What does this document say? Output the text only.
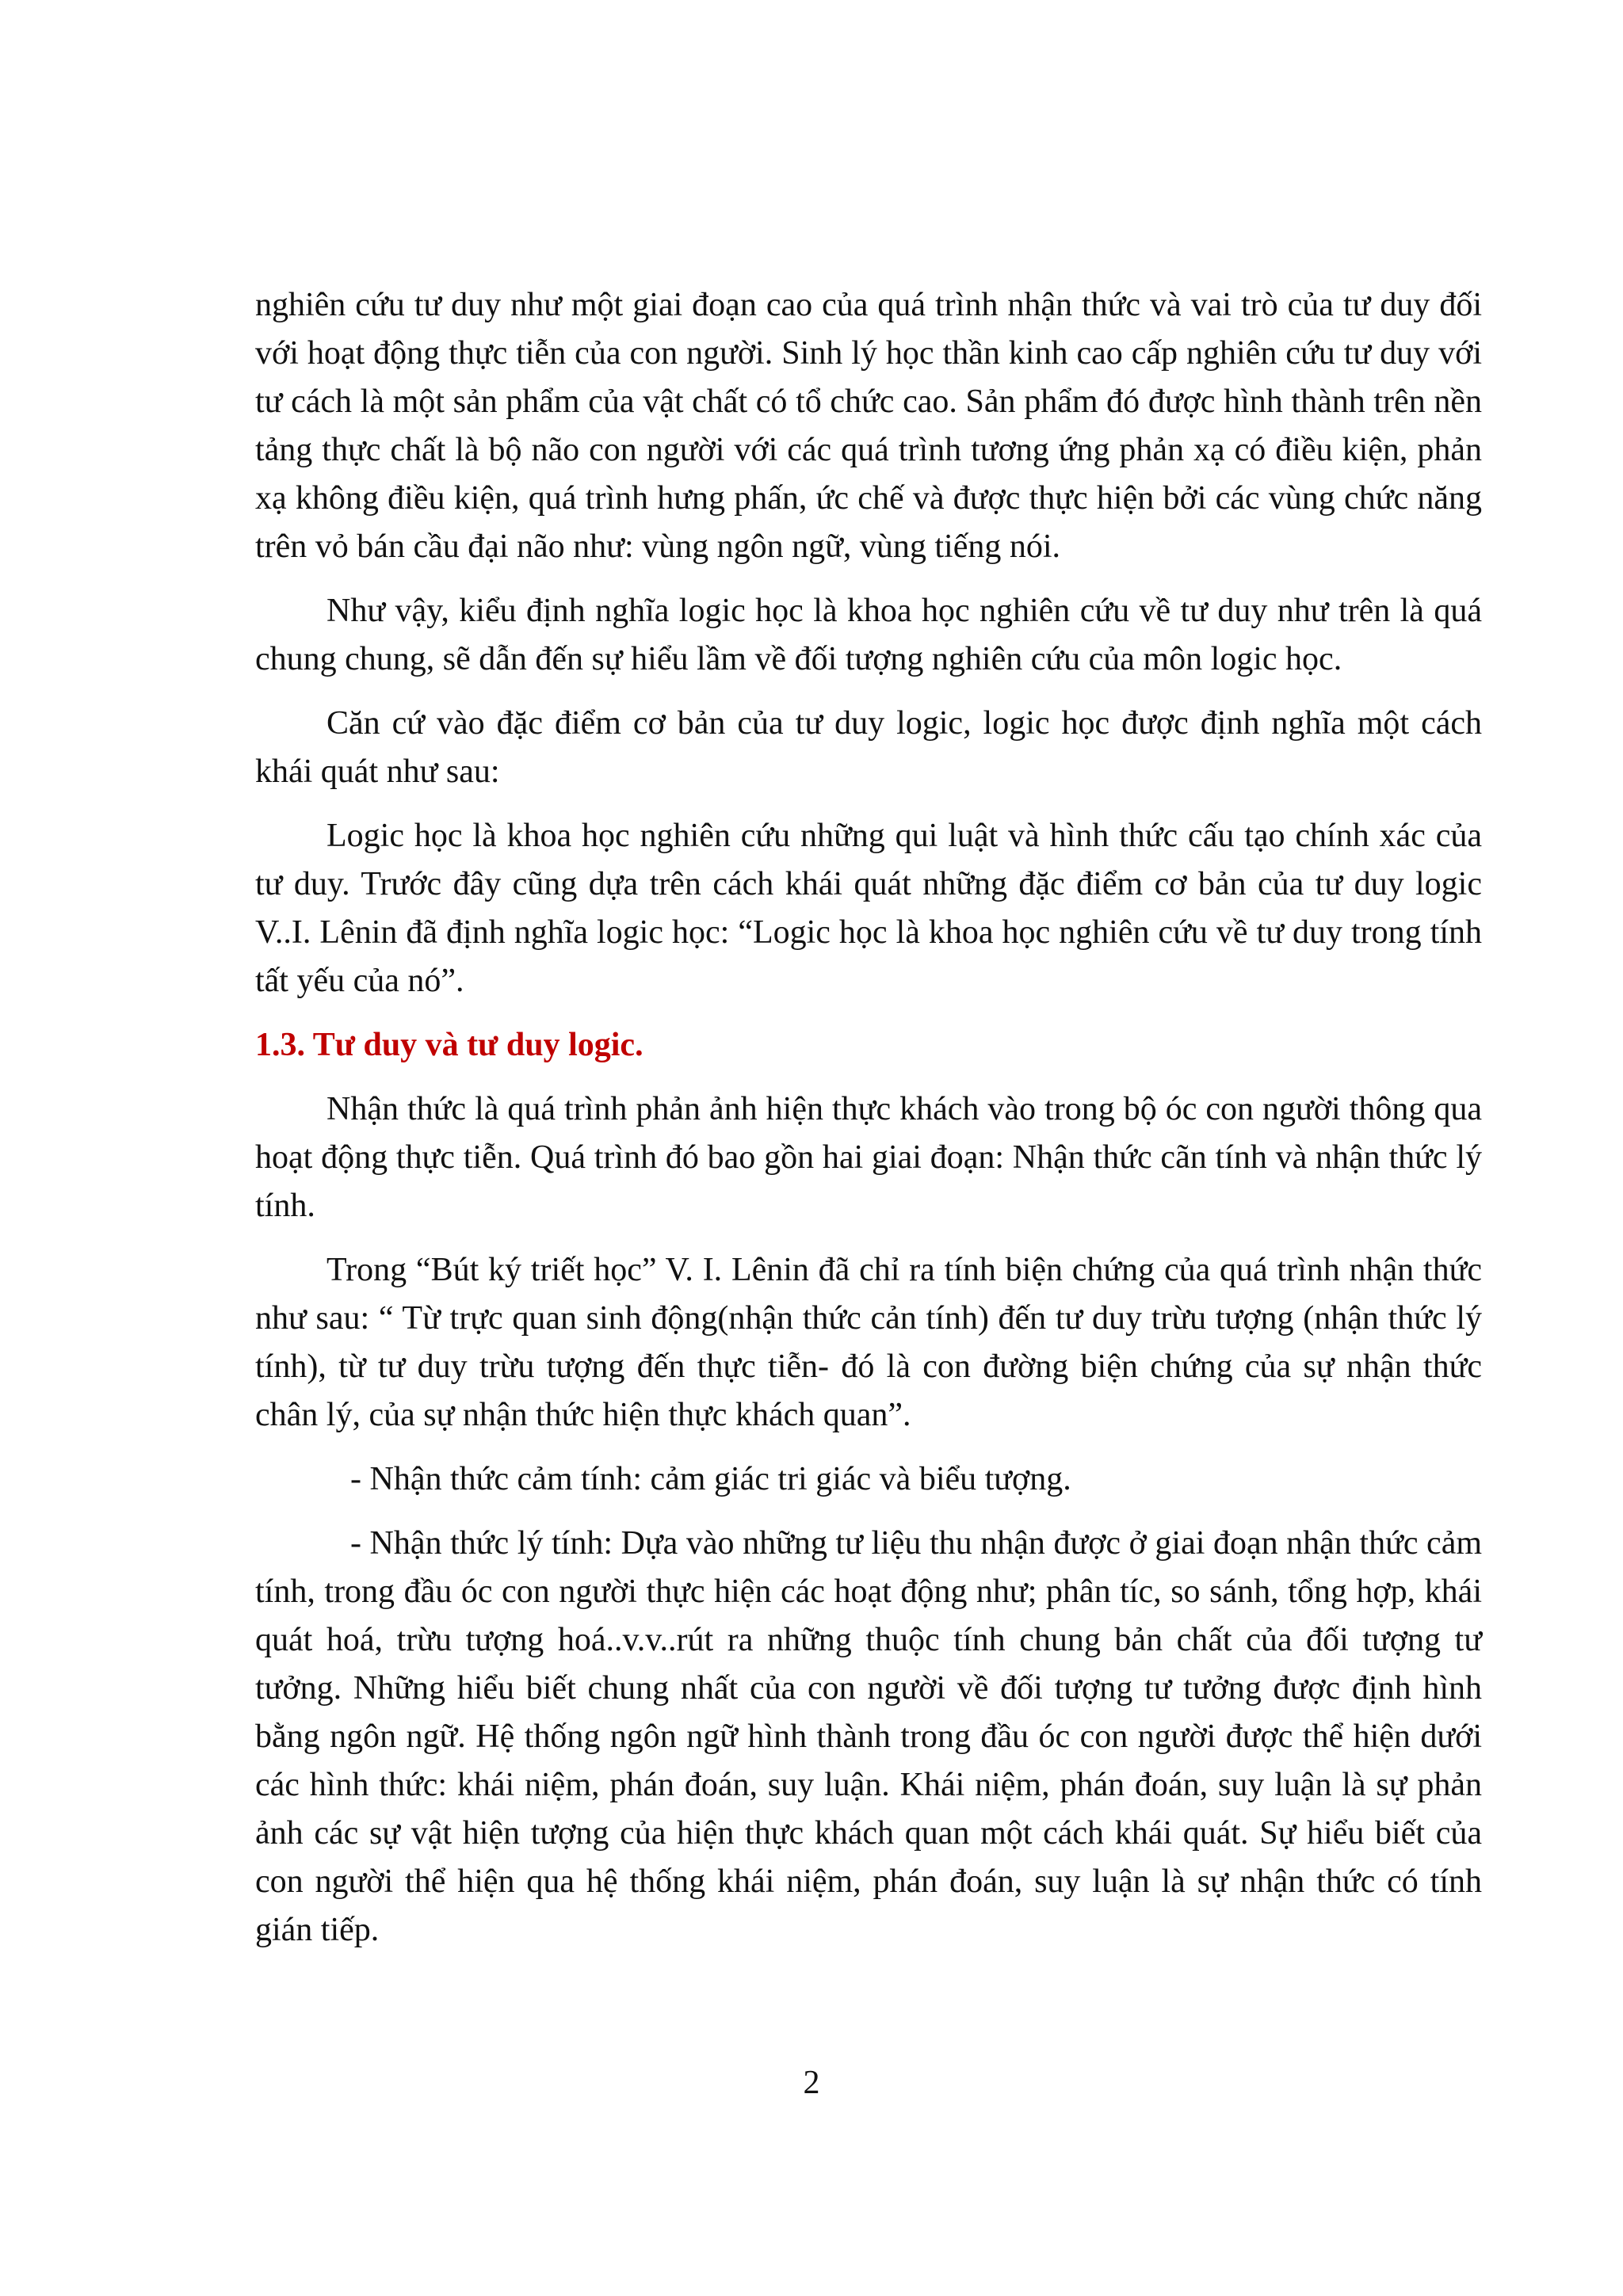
nghiên cứu tư duy như một giai đoạn cao của quá trình nhận thức và vai trò của tư duy đối với hoạt động thực tiễn của con người. Sinh lý học thần kinh cao cấp nghiên cứu tư duy với tư cách là một sản phẩm của vật chất có tổ chức cao. Sản phẩm đó được hình thành trên nền tảng thực chất là bộ não con người với các quá trình tương ứng phản xạ có điều kiện, phản xạ không điều kiện, quá trình hưng phấn, ức chế và được thực hiện bởi các vùng chức năng trên vỏ bán cầu đại não như: vùng ngôn ngữ, vùng tiếng nói.

Như vậy, kiểu định nghĩa logic học là khoa học nghiên cứu về tư duy như trên là quá chung chung, sẽ dẫn đến sự hiểu lầm về đối tượng nghiên cứu của môn logic học.

Căn cứ vào đặc điểm cơ bản của tư duy logic, logic học được định nghĩa một cách khái quát như sau:

Logic học là khoa học nghiên cứu những qui luật và hình thức cấu tạo chính xác của tư duy. Trước đây cũng dựa trên cách khái quát những đặc điểm cơ bản của tư duy logic V..I. Lênin đã định nghĩa logic học: “Logic học là khoa học nghiên cứu về tư duy trong tính tất yếu của nó”.

1.3. Tư duy và tư duy logic.

Nhận thức là quá trình phản ảnh hiện thực khách vào trong bộ óc con người thông qua hoạt động thực tiễn. Quá trình đó bao gồn hai giai đoạn: Nhận thức cãn tính và nhận thức lý tính.

Trong “Bút ký triết học” V. I. Lênin đã chỉ ra tính biện chứng của quá trình nhận thức như sau: “ Từ trực quan sinh động(nhận thức cản tính) đến tư duy trừu tượng (nhận thức lý tính), từ tư duy trừu tượng đến thực tiễn- đó là con đường biện chứng của sự nhận thức chân lý, của sự nhận thức hiện thực khách quan”.

- Nhận thức cảm tính: cảm giác tri giác và biểu tượng.

- Nhận thức lý tính: Dựa vào những tư liệu thu nhận được ở giai đoạn nhận thức cảm tính, trong đầu óc con người thực hiện các hoạt động như; phân tíc, so sánh, tổng hợp, khái quát hoá, trừu tượng hoá..v.v..rút ra những thuộc tính chung bản chất của đối tượng tư tưởng. Những hiểu biết chung nhất của con người về đối tượng tư tưởng được định hình bằng ngôn ngữ. Hệ thống ngôn ngữ hình thành trong đầu óc con người được thể hiện dưới các hình thức: khái niệm, phán đoán, suy luận. Khái niệm, phán đoán, suy luận là sự phản ảnh các sự vật hiện tượng của hiện thực khách quan một cách khái quát. Sự hiểu biết của con người thể hiện qua hệ thống khái niệm, phán đoán, suy luận là sự nhận thức có tính gián tiếp.

2
